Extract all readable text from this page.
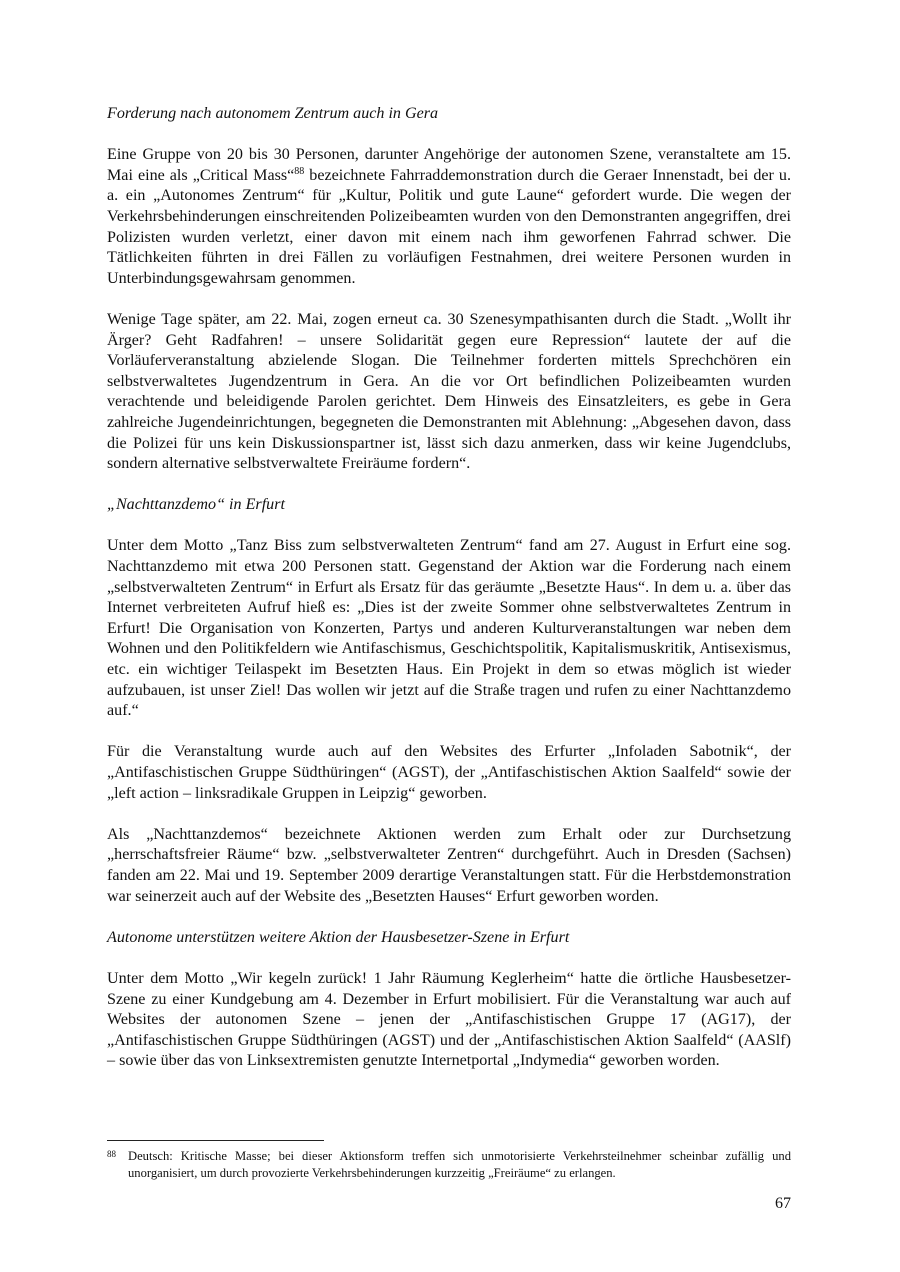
Forderung nach autonomem Zentrum auch in Gera

Eine Gruppe von 20 bis 30 Personen, darunter Angehörige der autonomen Szene, veranstaltete am 15. Mai eine als „Critical Mass“$^{88}$ bezeichnete Fahrraddemonstration durch die Geraer Innenstadt, bei der u. a. ein „Autonomes Zentrum“ für „Kultur, Politik und gute Laune“ gefordert wurde. Die wegen der Verkehrsbehinderungen einschreitenden Polizeibeamten wurden von den Demonstranten angegriffen, drei Polizisten wurden verletzt, einer davon mit einem nach ihm geworfenen Fahrrad schwer. Die Tätlichkeiten führten in drei Fällen zu vorläufigen Festnahmen, drei weitere Personen wurden in Unterbindungsgewahrsam genommen.

Wenige Tage später, am 22. Mai, zogen erneut ca. 30 Szenesympathisanten durch die Stadt. „Wollt ihr Ärger? Geht Radfahren! – unsere Solidarität gegen eure Repression“ lautete der auf die Vorläuferveranstaltung abzielende Slogan. Die Teilnehmer forderten mittels Sprechchören ein selbstverwaltetes Jugendzentrum in Gera. An die vor Ort befindlichen Polizeibeamten wurden verachtende und beleidigende Parolen gerichtet. Dem Hinweis des Einsatzleiters, es gebe in Gera zahlreiche Jugendeinrichtungen, begegneten die Demonstranten mit Ablehnung: „Abgesehen davon, dass die Polizei für uns kein Diskussionspartner ist, lässt sich dazu anmerken, dass wir keine Jugendclubs, sondern alternative selbstverwaltete Freiräume fordern“.

„Nachttanzdemo“ in Erfurt

Unter dem Motto „Tanz Biss zum selbstverwalteten Zentrum“ fand am 27. August in Erfurt eine sog. Nachttanzdemo mit etwa 200 Personen statt. Gegenstand der Aktion war die Forderung nach einem „selbstverwalteten Zentrum“ in Erfurt als Ersatz für das geräumte „Besetzte Haus“. In dem u. a. über das Internet verbreiteten Aufruf hieß es: „Dies ist der zweite Sommer ohne selbstverwaltetes Zentrum in Erfurt! Die Organisation von Konzerten, Partys und anderen Kulturveranstaltungen war neben dem Wohnen und den Politikfeldern wie Antifaschismus, Geschichtspolitik, Kapitalismuskritik, Antisexismus, etc. ein wichtiger Teilaspekt im Besetzten Haus. Ein Projekt in dem so etwas möglich ist wieder aufzubauen, ist unser Ziel! Das wollen wir jetzt auf die Straße tragen und rufen zu einer Nachttanzdemo auf.“

Für die Veranstaltung wurde auch auf den Websites des Erfurter „Infoladen Sabotnik“, der „Antifaschistischen Gruppe Südthüringen“ (AGST), der „Antifaschistischen Aktion Saalfeld“ sowie der „left action – linksradikale Gruppen in Leipzig“ geworben.

Als „Nachttanzdemos“ bezeichnete Aktionen werden zum Erhalt oder zur Durchsetzung „herrschaftsfreier Räume“ bzw. „selbstverwalteter Zentren“ durchgeführt. Auch in Dresden (Sachsen) fanden am 22. Mai und 19. September 2009 derartige Veranstaltungen statt. Für die Herbstdemonstration war seinerzeit auch auf der Website des „Besetzten Hauses“ Erfurt geworben worden.

Autonome unterstützen weitere Aktion der Hausbesetzer-Szene in Erfurt

Unter dem Motto „Wir kegeln zurück! 1 Jahr Räumung Keglerheim“ hatte die örtliche Hausbesetzer-Szene zu einer Kundgebung am 4. Dezember in Erfurt mobilisiert. Für die Veranstaltung war auch auf Websites der autonomen Szene – jenen der „Antifaschistischen Gruppe 17 (AG17), der „Antifaschistischen Gruppe Südthüringen (AGST) und der „Antifaschistischen Aktion Saalfeld“ (AASlf) – sowie über das von Linksextremisten genutzte Internetportal „Indymedia“ geworben worden.

88 Deutsch: Kritische Masse; bei dieser Aktionsform treffen sich unmotorisierte Verkehrsteilnehmer scheinbar zufällig und unorganisiert, um durch provozierte Verkehrsbehinderungen kurzzeitig „Freiräume“ zu erlangen.
67
